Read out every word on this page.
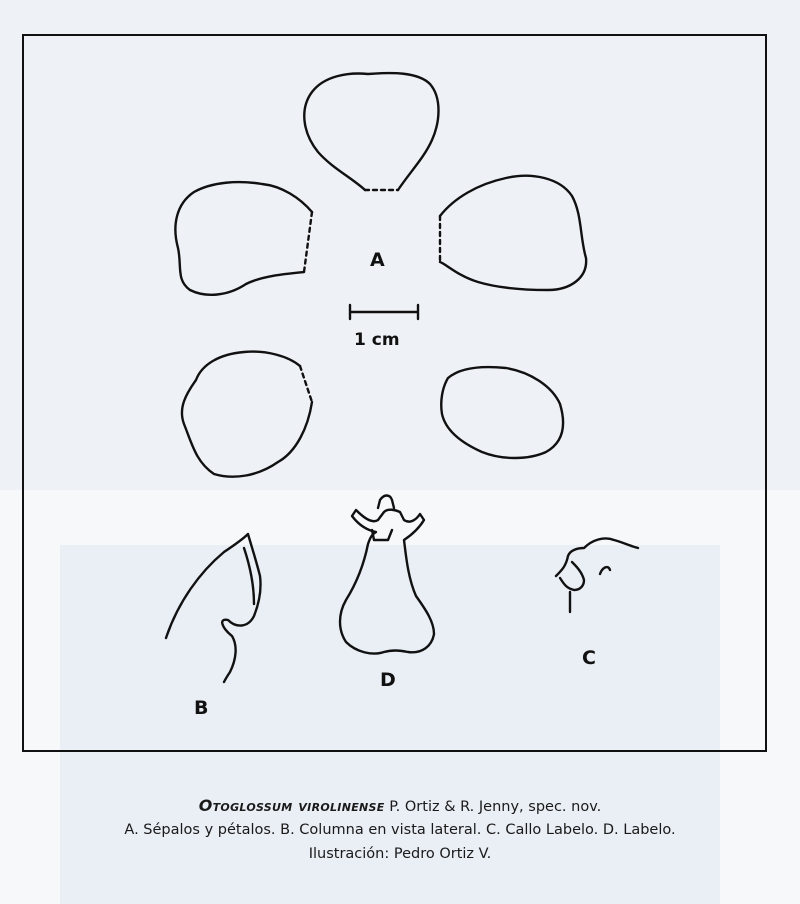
A
1 cm
B
D
C
Otoglossum virolinense P. Ortiz & R. Jenny, spec. nov.
A. Sépalos y pétalos. B. Columna en vista lateral. C. Callo Labelo. D. Labelo.
Ilustración: Pedro Ortiz V.
